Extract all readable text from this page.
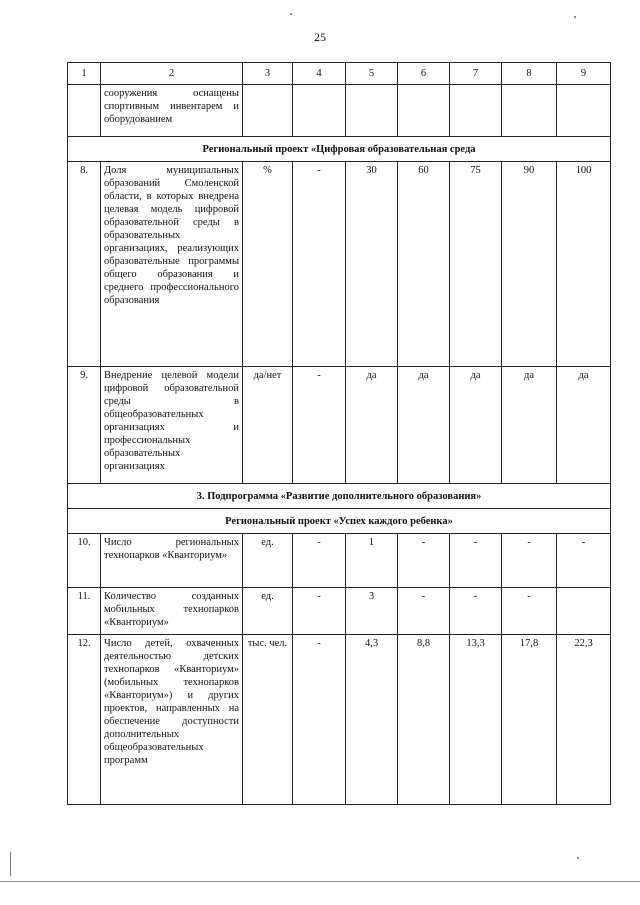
25
1	2	3	4	5	6	7	8	9
	сооружения оснащены спортивным инвентарем и оборудованием							
Региональный проект «Цифровая образовательная среда								
8.	Доля муниципальных образований Смоленской области, в которых внедрена целевая модель цифровой образовательной среды в образовательных организациях, реализующих образовательные программы общего образования и среднего профессионального образования	%	-	30	60	75	90	100
9.	Внедрение целевой модели цифровой образовательной среды в общеобразовательных организациях и профессиональных образовательных организациях	да/нет	-	да	да	да	да	да
3. Подпрограмма «Развитие дополнительного образования»								
Региональный проект «Успех каждого ребенка»								
10.	Число региональных технопарков «Кванториум»	ед.	-	1	-	-	-	-
11.	Количество созданных мобильных технопарков «Кванториум»	ед.	-	3	-	-	-	
12.	Число детей, охваченных деятельностью детских технопарков «Кванториум» (мобильных технопарков «Кванториум») и других проектов, направленных на обеспечение доступности дополнительных общеобразовательных программ	тыс. чел.	-	4,3	8,8	13,3	17,8	22,3
